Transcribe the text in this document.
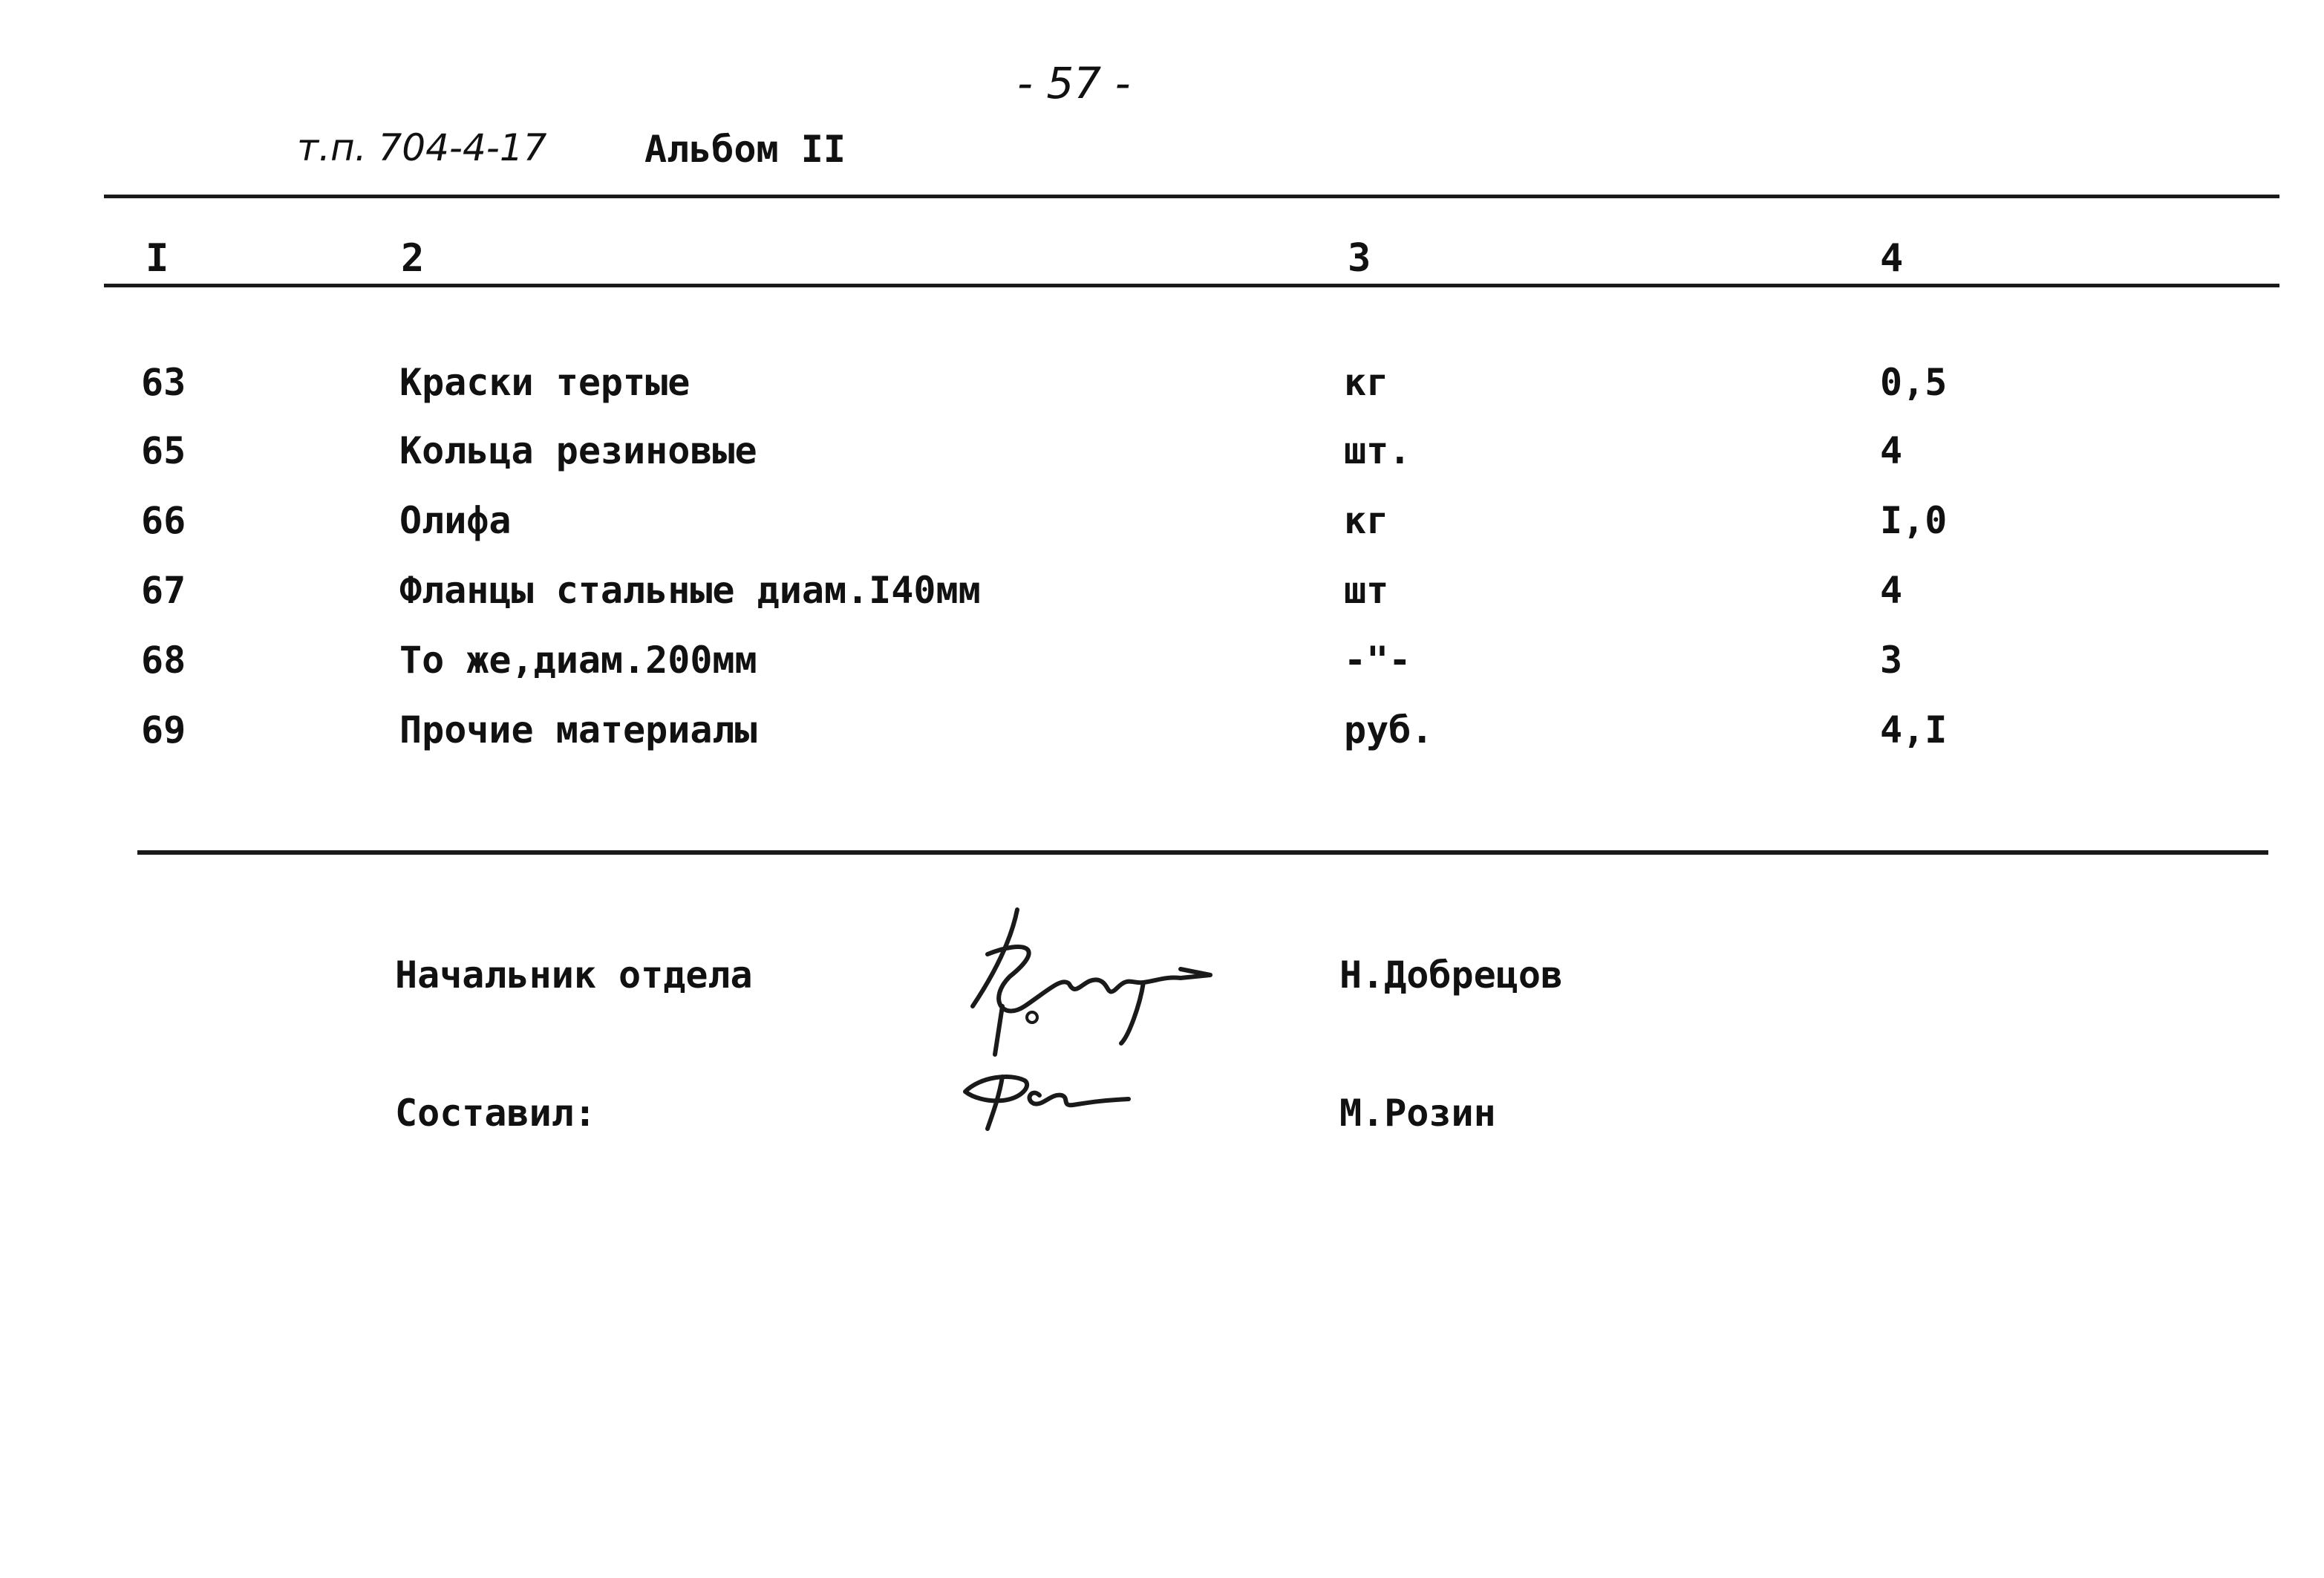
- 57 -
т.п. 704-4-17	Альбом II
I	2	3	4
63	Краски тертые	кг	0,5
65	Кольца резиновые	шт.	4
66	Олифа	кг	I,0
67	Фланцы стальные диам.I40мм	шт	4
68	То же,диам.200мм	-"-	3
69	Прочие материалы	руб.	4,I
Начальник отдела	Н.Добрецов
Составил:	М.Розин
